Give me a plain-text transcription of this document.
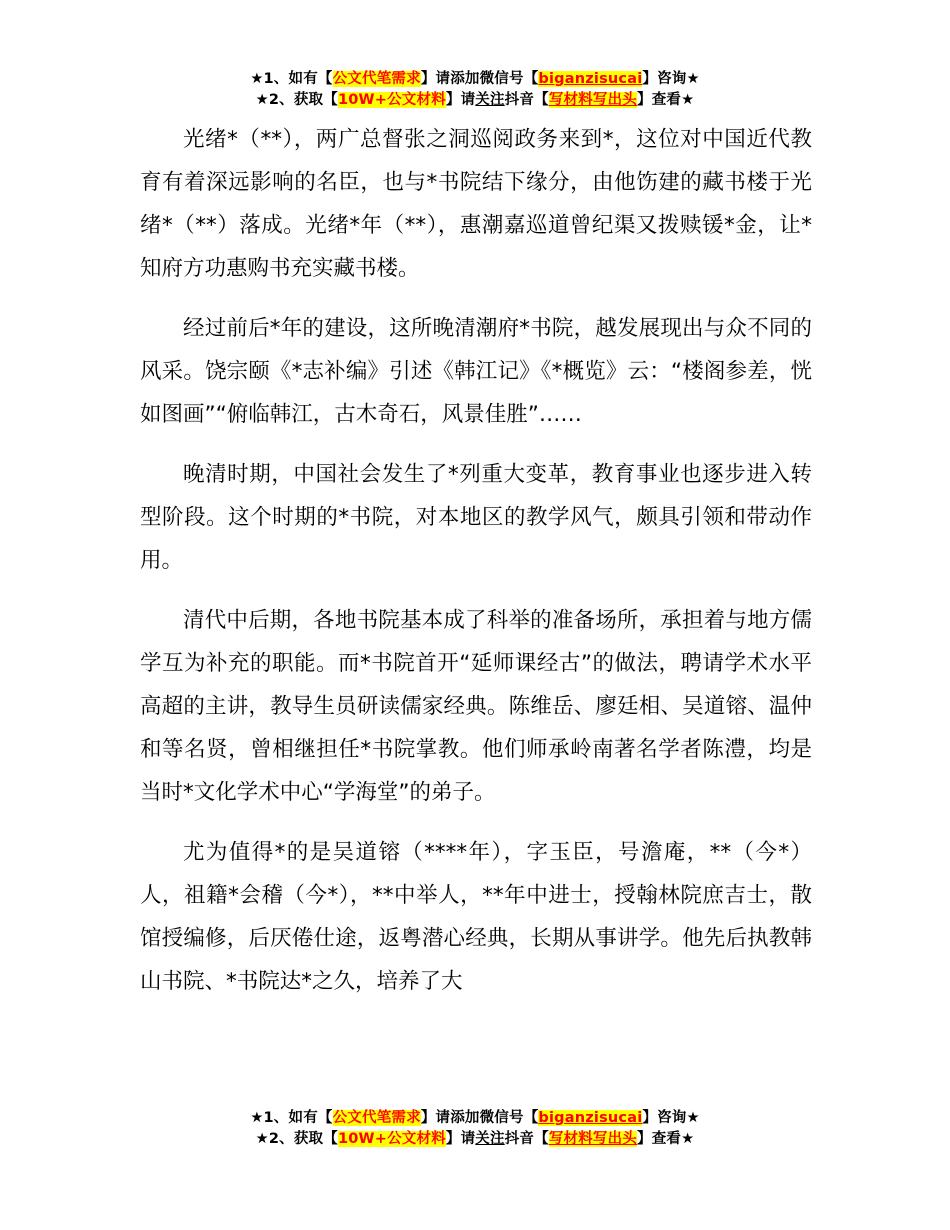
★1、如有【公文代笔需求】请添加微信号【biganzisucai】咨询★
★2、获取【10W+公文材料】请关注抖音【写材料写出头】查看★

光绪*（**），两广总督张之洞巡阅政务来到*，这位对中国近代教育有着深远影响的名臣，也与*书院结下缘分，由他饬建的藏书楼于光绪*（**）落成。光绪*年（**），惠潮嘉巡道曾纪渠又拨赎锾*金，让*知府方功惠购书充实藏书楼。

经过前后*年的建设，这所晚清潮府*书院，越发展现出与众不同的风采。饶宗颐《*志补编》引述《韩江记》《*概览》云：“楼阁参差，恍如图画”“俯临韩江，古木奇石，风景佳胜”……

晚清时期，中国社会发生了*列重大变革，教育事业也逐步进入转型阶段。这个时期的*书院，对本地区的教学风气，颇具引领和带动作用。

清代中后期，各地书院基本成了科举的准备场所，承担着与地方儒学互为补充的职能。而*书院首开“延师课经古”的做法，聘请学术水平高超的主讲，教导生员研读儒家经典。陈维岳、廖廷相、吴道镕、温仲和等名贤，曾相继担任*书院掌教。他们师承岭南著名学者陈澧，均是当时*文化学术中心“学海堂”的弟子。

尤为值得*的是吴道镕（****年），字玉臣，号澹庵，**（今*）人，祖籍*会稽（今*），**中举人，**年中进士，授翰林院庶吉士，散馆授编修，后厌倦仕途，返粤潜心经典，长期从事讲学。他先后执教韩山书院、*书院达*之久，培养了大

★1、如有【公文代笔需求】请添加微信号【biganzisucai】咨询★
★2、获取【10W+公文材料】请关注抖音【写材料写出头】查看★
